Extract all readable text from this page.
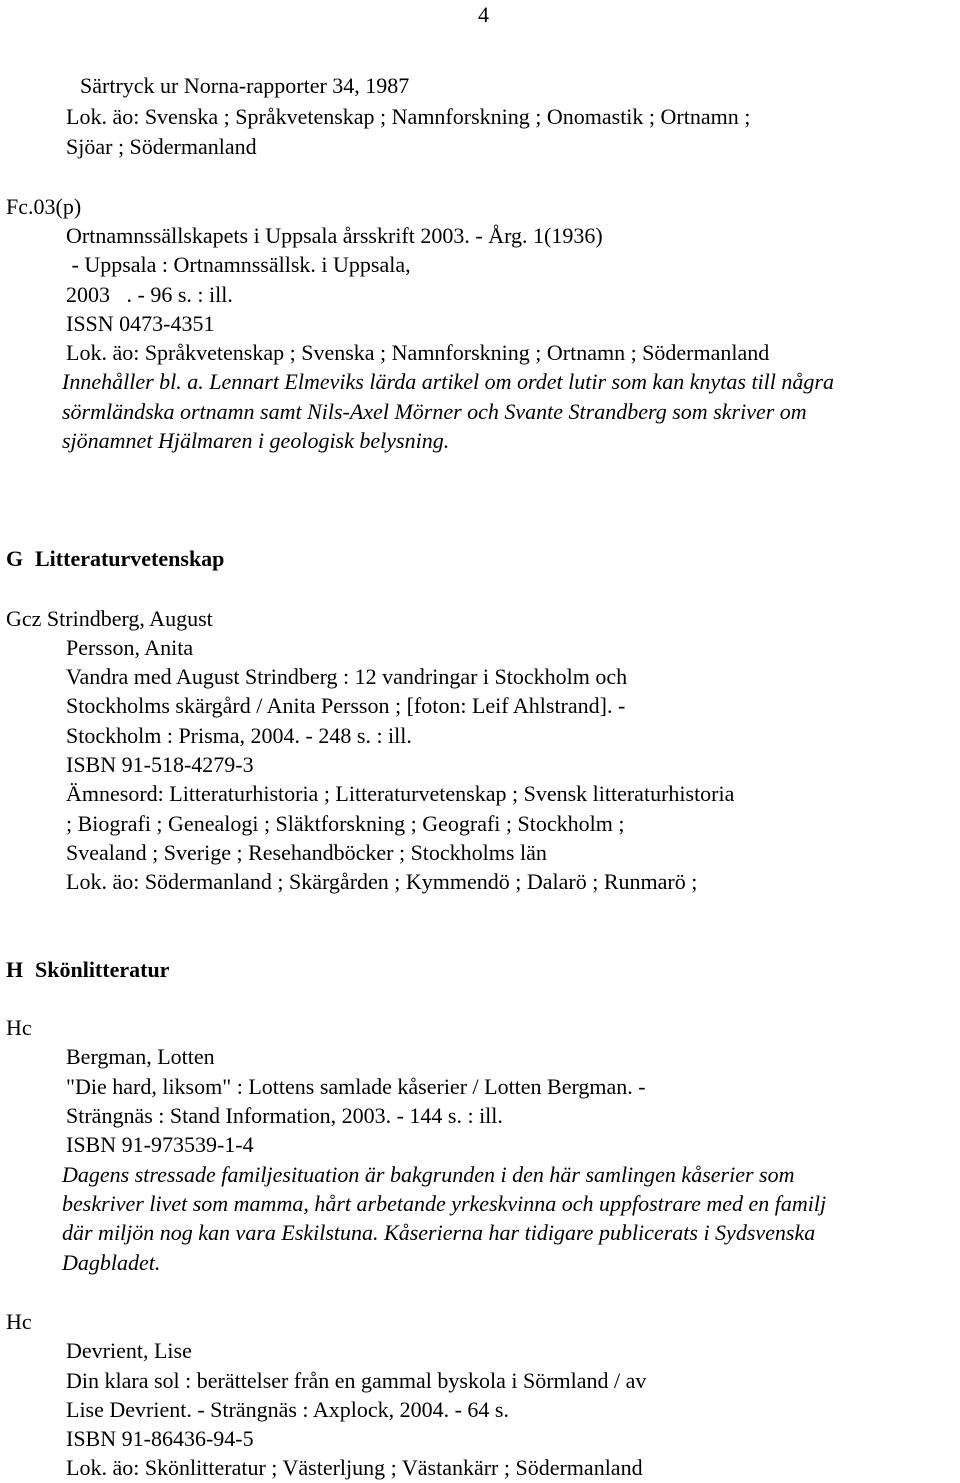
4
Särtryck ur Norna-rapporter 34, 1987
Lok. äo: Svenska ; Språkvetenskap ; Namnforskning ; Onomastik ; Ortnamn ;
Sjöar ; Södermanland
Fc.03(p)
Ortnamnssällskapets i Uppsala årsskrift 2003. - Årg. 1(1936)
- Uppsala : Ortnamnssällsk. i Uppsala,
2003   . - 96 s. : ill.
ISSN 0473-4351
Lok. äo: Språkvetenskap ; Svenska ; Namnforskning ; Ortnamn ; Södermanland
Innehåller bl. a. Lennart Elmeviks lärda artikel om ordet lutir som kan knytas till några
sörmländska ortnamn samt Nils-Axel Mörner och Svante Strandberg som skriver om
sjönamnet Hjälmaren i geologisk belysning.
G Litteraturvetenskap
Gcz Strindberg, August
Persson, Anita
Vandra med August Strindberg : 12 vandringar i Stockholm och
Stockholms skärgård / Anita Persson ; [foton: Leif Ahlstrand]. -
Stockholm : Prisma, 2004. - 248 s. : ill.
ISBN 91-518-4279-3
Ämnesord: Litteraturhistoria ; Litteraturvetenskap ; Svensk litteraturhistoria
; Biografi ; Genealogi ; Släktforskning ; Geografi ; Stockholm ;
Svealand ; Sverige ; Resehandböcker ; Stockholms län
Lok. äo: Södermanland ; Skärgården ; Kymmendö ; Dalarö ; Runmarö ;
H Skönlitteratur
Hc
Bergman, Lotten
"Die hard, liksom" : Lottens samlade kåserier / Lotten Bergman. -
Strängnäs : Stand Information, 2003. - 144 s. : ill.
ISBN 91-973539-1-4
Dagens stressade familjesituation är bakgrunden i den här samlingen kåserier som
beskriver livet som mamma, hårt arbetande yrkeskvinna och uppfostrare med en familj
där miljön nog kan vara Eskilstuna. Kåserierna har tidigare publicerats i Sydsvenska
Dagbladet.
Hc
Devrient, Lise
Din klara sol : berättelser från en gammal byskola i Sörmland / av
Lise Devrient. - Strängnäs : Axplock, 2004. - 64 s.
ISBN 91-86436-94-5
Lok. äo: Skönlitteratur ; Västerljung ; Västankärr ; Södermanland
